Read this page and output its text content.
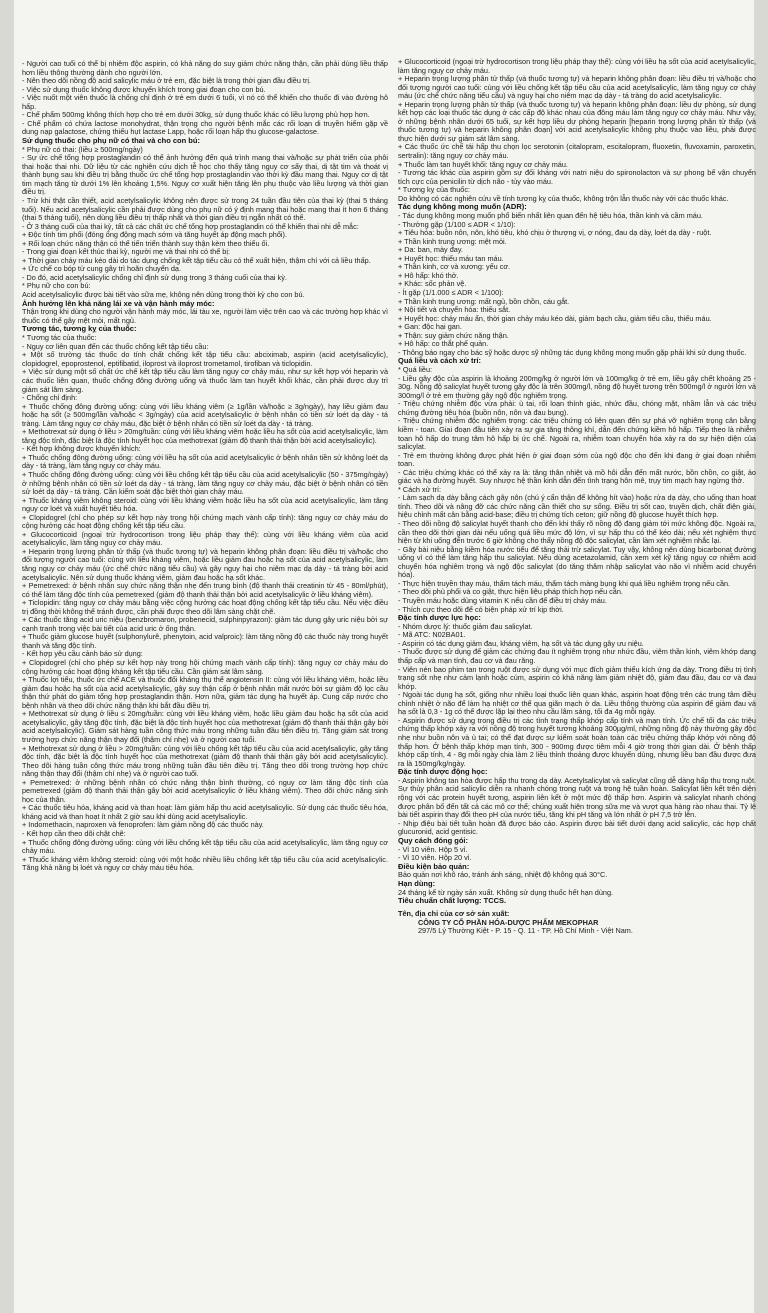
- Người cao tuổi có thể bị nhiễm độc aspirin, có khả năng do suy giảm chức năng thận, cần phải dùng liều thấp hơn liều thông thường dành cho người lớn.

- Nên theo dõi nồng độ acid salicylic máu ở trẻ em, đặc biệt là trong thời gian đầu điều trị.

- Việc sử dụng thuốc không được khuyến khích trong giai đoạn cho con bú.

- Việc nuốt một viên thuốc là chống chỉ định ở trẻ em dưới 6 tuổi, vì nó có thể khiến cho thuốc đi vào đường hô hấp.

- Chế phẩm 500mg không thích hợp cho trẻ em dưới 30kg, sử dụng thuốc khác có liều lượng phù hợp hơn.

- Chế phẩm có chứa lactose monohydrat, thận trọng cho người bệnh mắc các rối loạn di truyền hiếm gặp về dung nạp galactose, chứng thiếu hụt lactase Lapp, hoặc rối loạn hấp thu glucose-galactose.

Sử dụng thuốc cho phụ nữ có thai và cho con bú:

* Phụ nữ có thai: (liều ≥ 500mg/ngày)

- Sự ức chế tổng hợp prostaglandin có thể ảnh hưởng đến quá trình mang thai và/hoặc sự phát triển của phôi thai hoặc thai nhi. Dữ liệu từ các nghiên cứu dịch tễ học cho thấy tăng nguy cơ sẩy thai, dị tật tim và thoát vị thành bụng sau khi điều trị bằng thuốc ức chế tổng hợp prostaglandin vào thời kỳ đầu mang thai. Nguy cơ dị tật tim mạch tăng từ dưới 1% lên khoảng 1,5%. Nguy cơ xuất hiện tăng lên phụ thuộc vào liều lượng và thời gian điều trị.

- Trừ khi thật cần thiết, acid acetylsalicylic không nên được sử trong 24 tuần đầu tiên của thai kỳ (thai 5 tháng tuổi). Nếu acid acetylsalicylic cần phải được dùng cho phụ nữ có ý định mang thai hoặc mang thai ít hơn 6 tháng (thai 5 tháng tuổi), nên dùng liều điều trị thấp nhất và thời gian điều trị ngắn nhất có thể.

- Ở 3 tháng cuối của thai kỳ, tất cả các chất ức chế tổng hợp prostaglandin có thể khiến thai nhi dễ mắc:

+ Độc tính tim phổi (đóng ống động mạch sớm và tăng huyết áp động mạch phổi).

+ Rối loạn chức năng thận có thể tiến triển thành suy thận kèm theo thiểu ối.

- Trong giai đoạn kết thúc thai kỳ, người mẹ và thai nhi có thể bị:

+ Thời gian chảy máu kéo dài do tác dụng chống kết tập tiểu cầu có thể xuất hiện, thậm chí với cả liều thấp.

+ Ức chế co bóp tử cung gây trì hoãn chuyển dạ.

- Do đó, acid acetylsalicylic chống chỉ định sử dụng trong 3 tháng cuối của thai kỳ.

* Phụ nữ cho con bú:

Acid acetylsalicylic được bài tiết vào sữa mẹ, không nên dùng trong thời kỳ cho con bú.

Ảnh hưởng lên khả năng lái xe và vận hành máy móc:

Thận trọng khi dùng cho người vận hành máy móc, lái tàu xe, người làm việc trên cao và các trường hợp khác vì thuốc có thể gây mệt mỏi, mất ngủ.

Tương tác, tương kỵ của thuốc:

* Tương tác của thuốc:

- Nguy cơ liên quan đến các thuốc chống kết tập tiểu cầu:

+ Một số trường tác thuốc do tính chất chống kết tập tiểu cầu: abciximab, aspirin (acid acetylsalicylic), clopidogrel, epoprostenol, eptifibatid, iloprost và iloprost trometamol, tirofiban và ticlopidin.

+ Việc sử dụng một số chất ức chế kết tập tiểu cầu làm tăng nguy cơ chảy máu, như sự kết hợp với heparin và các thuốc liên quan, thuốc chống đông đường uống và thuốc làm tan huyết khối khác, cần phải được duy trì giám sát lâm sàng.

- Chống chỉ định:

+ Thuốc chống đông đường uống: cùng với liều kháng viêm (≥ 1g/lần và/hoặc ≥ 3g/ngày), hay liều giảm đau hoặc hạ sốt (≥ 500mg/lần và/hoặc < 3g/ngày) của acid acetylsalicylic ở bệnh nhân có tiền sử loét dạ dày - tá tràng. Làm tăng nguy cơ chảy máu, đặc biệt ở bệnh nhân có tiền sử loét dạ dày - tá tràng.

+ Methotrexat sử dụng ở liều > 20mg/tuần: cùng với liều kháng viêm hoặc liều hạ sốt của acid acetylsalicylic, làm tăng độc tính, đặc biệt là độc tính huyết học của methotrexat (giảm độ thanh thải thận bởi acid acetylsalicylic).

- Kết hợp không được khuyến khích:

+ Thuốc chống đông đường uống: cùng với liều hạ sốt của acid acetylsalicylic ở bệnh nhân tiền sử không loét dạ dày - tá tràng, làm tăng nguy cơ chảy máu.

+ Thuốc chống đông đường uống: cùng với liều chống kết tập tiểu cầu của acid acetylsalicylic (50 - 375mg/ngày) ở những bệnh nhân có tiền sử loét dạ dày - tá tràng, làm tăng nguy cơ chảy máu, đặc biệt ở bệnh nhân có tiền sử loét dạ dày - tá tràng. Cần kiểm soát đặc biệt thời gian chảy máu.

+ Thuốc kháng viêm không steroid: cùng với liều kháng viêm hoặc liều hạ sốt của acid acetylsalicylic, làm tăng nguy cơ loét và xuất huyết tiêu hóa.

+ Clopidogrel (chỉ cho phép sự kết hợp này trong hội chứng mạch vành cấp tính): tăng nguy cơ chảy máu do cộng hưởng các hoạt động chống kết tập tiểu cầu.

+ Glucocorticoid (ngoại trừ hydrocortison trong liệu pháp thay thế): cùng với liều kháng viêm của acid acetylsalicylic, làm tăng nguy cơ chảy máu.

+ Heparin trọng lượng phân tử thấp (và thuốc tương tự) và heparin không phân đoạn: liều điều trị và/hoặc cho đối tượng người cao tuổi: cùng với liều kháng viêm, hoặc liều giảm đau hoặc hạ sốt của acid acetylsalicylic, làm tăng nguy cơ chảy máu (ức chế chức năng tiểu cầu) và gây nguy hại cho niêm mạc dạ dày - tá tràng bởi acid acetylsalicylic. Nên sử dụng thuốc kháng viêm, giảm đau hoặc hạ sốt khác.

+ Pemetrexed: ở bệnh nhân suy chức năng thận nhẹ đến trung bình (độ thanh thải creatinin từ 45 - 80ml/phút), có thể làm tăng độc tính của pemetrexed (giảm độ thanh thải thận bởi acid acetylsalicylic ở liều kháng viêm).

+ Ticlopidin: tăng nguy cơ chảy máu bằng việc cộng hưởng các hoạt động chống kết tập tiểu cầu. Nếu việc điều trị đồng thời không thể tránh được, cần phải được theo dõi lâm sàng chặt chẽ.

+ Các thuốc tăng acid uric niệu (benzbromaron, probenecid, sulphinpyrazon): giảm tác dụng gây uric niệu bởi sự cạnh tranh trong việc bài tiết của acid uric ở ống thận.

+ Thuốc giảm glucose huyết (sulphonylurê, phenytoin, acid valproic): làm tăng nồng độ các thuốc này trong huyết thanh và tăng độc tính.

- Kết hợp yêu cầu cảnh báo sử dụng:

+ Clopidogrel (chỉ cho phép sự kết hợp này trong hội chứng mạch vành cấp tính): tăng nguy cơ chảy máu do cộng hưởng các hoạt động kháng kết tập tiểu cầu. Cần giám sát lâm sàng.

+ Thuốc lợi tiểu, thuốc ức chế ACE và thuốc đối kháng thụ thể angiotensin II: cùng với liều kháng viêm, hoặc liều giảm đau hoặc hạ sốt của acid acetylsalicylic, gây suy thận cấp ở bệnh nhân mất nước bởi sự giảm độ lọc cầu thận thứ phát do giảm tổng hợp prostaglandin thận. Hơn nữa, giảm tác dụng hạ huyết áp. Cung cấp nước cho bệnh nhân và theo dõi chức năng thận khi bắt đầu điều trị.

+ Methotrexat sử dụng ở liều ≤ 20mg/tuần: cùng với liều kháng viêm, hoặc liều giảm đau hoặc hạ sốt của acid acetylsalicylic, gây tăng độc tính, đặc biệt là độc tính huyết học của methotrexat (giảm độ thanh thải thận gây bởi acid acetylsalicylic). Giám sát hàng tuần công thức máu trong những tuần đầu tiên điều trị. Tăng giám sát trong trường hợp chức năng thận thay đổi (thậm chí nhẹ) và ở người cao tuổi.

+ Methotrexat sử dụng ở liều > 20mg/tuần: cùng với liều chống kết tập tiểu cầu của acid acetylsalicylic, gây tăng độc tính, đặc biệt là độc tính huyết học của methotrexat (giảm độ thanh thải thận gây bởi acid acetylsalicylic). Theo dõi hàng tuần công thức máu trong những tuần đầu tiên điều trị. Tăng theo dõi trong trường hợp chức năng thận thay đổi (thậm chí nhẹ) và ở người cao tuổi.

+ Pemetrexed: ở những bệnh nhân có chức năng thận bình thường, có nguy cơ làm tăng độc tính của pemetrexed (giảm độ thanh thải thận gây bởi acid acetylsalicylic ở liều kháng viêm). Theo dõi chức năng sinh học của thận.

+ Các thuốc tiêu hóa, kháng acid và than hoạt: làm giảm hấp thu acid acetylsalicylic. Sử dụng các thuốc tiêu hóa, kháng acid và than hoạt ít nhất 2 giờ sau khi dùng acid acetylsalicylic.

+ Indomethacin, naproxen và fenoprofen: làm giảm nồng độ các thuốc này.

- Kết hợp cần theo dõi chặt chẽ:

+ Thuốc chống đông đường uống: cùng với liều chống kết tập tiểu cầu của acid acetylsalicylic, làm tăng nguy cơ chảy máu.

+ Thuốc kháng viêm không steroid: cùng với một hoặc nhiều liều chống kết tập tiểu cầu của acid acetylsalicylic. Tăng khả năng bị loét và nguy cơ chảy máu tiêu hóa.

+ Glucocorticoid (ngoại trừ hydrocortison trong liệu pháp thay thế): cùng với liều hạ sốt của acid acetylsalicylic, làm tăng nguy cơ chảy máu.

+ Heparin trọng lượng phân tử thấp (và thuốc tương tự) và heparin không phân đoạn: liều điều trị và/hoặc cho đối tượng người cao tuổi: cùng với liều chống kết tập tiểu cầu của acid acetylsalicylic, làm tăng nguy cơ chảy máu (ức chế chức năng tiểu cầu) và nguy hại cho niêm mạc dạ dày - tá tràng do acid acetylsalicylic.

+ Heparin trọng lượng phân tử thấp (và thuốc tương tự) và heparin không phân đoạn: liều dự phòng, sử dụng kết hợp các loại thuốc tác dụng ở các cấp độ khác nhau của đông máu làm tăng nguy cơ chảy máu. Như vậy, ở những bệnh nhân dưới 65 tuổi, sự kết hợp liều dự phòng heparin [heparin trọng lượng phân tử thấp (và thuốc tương tự) và heparin không phân đoạn] với acid acetylsalicylic không phụ thuộc vào liều, phải được thực hiện dưới sự giám sát lâm sàng.

+ Các thuốc ức chế tái hấp thu chọn lọc serotonin (citalopram, escitalopram, fluoxetin, fluvoxamin, paroxetin, sertralin): tăng nguy cơ chảy máu.

+ Thuốc làm tan huyết khối: tăng nguy cơ chảy máu.

- Tương tác khác của aspirin gồm sự đối kháng với natri niệu do spironolacton và sự phong bế vận chuyển tích cực của penicilin từ dịch não - tủy vào máu.

* Tương kỵ của thuốc:

Do không có các nghiên cứu về tính tương kỵ của thuốc, không trộn lẫn thuốc này với các thuốc khác.

Tác dụng không mong muốn (ADR):

- Tác dụng không mong muốn phổ biến nhất liên quan đến hệ tiêu hóa, thần kinh và cầm máu.

- Thường gặp (1/100 ≤ ADR < 1/10):

+ Tiêu hóa: buồn nôn, nôn, khó tiêu, khó chịu ở thượng vị, ợ nóng, đau dạ dày, loét dạ dày - ruột.

+ Thần kinh trung ương: mệt mỏi.

+ Da: ban, mày đay.

+ Huyết học: thiếu máu tan máu.

+ Thần kinh, cơ và xương: yếu cơ.

+ Hô hấp: khó thở.

+ Khác: sốc phản vệ.

- Ít gặp (1/1.000 ≤ ADR < 1/100):

+ Thần kinh trung ương: mất ngủ, bồn chồn, cáu gắt.

+ Nội tiết và chuyển hóa: thiếu sắt.

+ Huyết học: chảy máu ẩn, thời gian chảy máu kéo dài, giảm bạch cầu, giảm tiểu cầu, thiếu máu.

+ Gan: độc hại gan.

+ Thận: suy giảm chức năng thận.

+ Hô hấp: co thắt phế quản.

- Thông báo ngay cho bác sỹ hoặc dược sỹ những tác dụng không mong muốn gặp phải khi sử dụng thuốc.

Quá liều và cách xử trí:

* Quá liều:

- Liều gây độc của aspirin là khoảng 200mg/kg ở người lớn và 100mg/kg ở trẻ em, liều gây chết khoảng 25 - 30g. Nồng độ salicylat huyết tương gây độc là trên 300mg/l, nồng độ huyết tương trên 500mg/l ở người lớn và 300mg/l ở trẻ em thường gây ngộ độc nghiêm trọng.

- Triệu chứng nhiễm độc vừa phải: ù tai, rối loạn thính giác, nhức đầu, chóng mặt, nhầm lẫn và các triệu chứng đường tiêu hóa (buồn nôn, nôn và đau bụng).

- Triệu chứng nhiễm độc nghiêm trọng: các triệu chứng có liên quan đến sự phá vỡ nghiêm trọng cân bằng kiềm - toan. Giai đoạn đầu tiên xảy ra sự gia tăng thông khí, dẫn đến chứng kiềm hô hấp. Tiếp theo là nhiễm toan hô hấp do trung tâm hô hấp bị ức chế. Ngoài ra, nhiễm toan chuyển hóa xảy ra do sự hiện diện của salicylat.

- Trẻ em thường không được phát hiện ở giai đoạn sớm của ngộ độc cho đến khi đang ở giai đoạn nhiễm toan.

- Các triệu chứng khác có thể xảy ra là: tăng thân nhiệt và mồ hôi dẫn đến mất nước, bồn chồn, co giật, ảo giác và hạ đường huyết. Suy nhược hệ thần kinh dẫn đến tình trạng hôn mê, trụy tim mạch hay ngừng thở.

* Cách xử trí:

- Làm sạch dạ dày bằng cách gây nôn (chú ý cẩn thận để không hít vào) hoặc rửa dạ dày, cho uống than hoạt tính. Theo dõi và nâng đỡ các chức năng cần thiết cho sự sống. Điều trị sốt cao, truyền dịch, chất điện giải, hiệu chỉnh mất cân bằng acid-base; điều trị chứng tích ceton; giữ nồng độ glucose huyết thích hợp.

- Theo dõi nồng độ salicylat huyết thanh cho đến khi thấy rõ nồng độ đang giảm tới mức không độc. Ngoài ra, cần theo dõi thời gian dài nếu uống quá liều mức độ lớn, vì sự hấp thu có thể kéo dài; nếu xét nghiệm thực hiện từ khi uống đến trước 6 giờ không cho thấy nồng độ độc salicylat, cần làm xét nghiệm nhắc lại.

- Gây bài niệu bằng kiềm hóa nước tiểu để tăng thải trừ salicylat. Tuy vậy, không nên dùng bicarbonat đường uống vì có thể làm tăng hấp thu salicylat. Nếu dùng acetazolamid, cần xem xét kỹ tăng nguy cơ nhiễm acid chuyển hóa nghiêm trọng và ngộ độc salicylat (do tăng thâm nhập salicylat vào não vì nhiễm acid chuyển hóa).

- Thực hiện truyền thay máu, thẩm tách máu, thẩm tách màng bụng khi quá liều nghiêm trọng nếu cần.

- Theo dõi phù phổi và co giật, thực hiện liệu pháp thích hợp nếu cần.

- Truyền máu hoặc dùng vitamin K nếu cần để điều trị chảy máu.

- Thích cực theo dõi để có biện pháp xử trí kịp thời.

Đặc tính dược lực học:

- Nhóm dược lý: thuốc giảm đau salicylat.

- Mã ATC: N02BA01.

- Aspirin có tác dụng giảm đau, kháng viêm, hạ sốt và tác dụng gây ưu niệu.

- Thuốc được sử dụng để giảm các chứng đau ít nghiêm trọng như nhức đầu, viêm thần kinh, viêm khớp dạng thấp cấp và mạn tính, đau cơ và đau răng.

- Viên nén bao phim tan trong ruột được sử dụng với mục đích giảm thiểu kích ứng dạ dày. Trong điều trị tình trạng sốt nhẹ như cảm lạnh hoặc cúm, aspirin có khả năng làm giảm nhiệt độ, giảm đau đầu, đau cơ và đau khớp.

- Ngoài tác dụng hạ sốt, giống như nhiều loại thuốc liên quan khác, aspirin hoạt động trên các trung tâm điều chỉnh nhiệt ở não để làm hạ nhiệt cơ thể qua giãn mạch ở da. Liều thông thường của aspirin để giảm đau và hạ sốt là 0,3 - 1g có thể được lặp lại theo nhu cầu lâm sàng, tối đa 4g mỗi ngày.

- Aspirin được sử dụng trong điều trị các tình trạng thấp khớp cấp tính và mạn tính. Ức chế tối đa các triệu chứng thấp khớp xảy ra với nồng độ trong huyết tương khoảng 300µg/ml, những nồng độ này thường gây độc nhẹ như buồn nôn và ù tai; có thể đạt được sự kiểm soát hoàn toàn các triệu chứng thấp khớp với nồng độ thấp hơn. Ở bệnh thấp khớp mạn tính, 300 - 900mg được tiêm mỗi 4 giờ trong thời gian dài. Ở bệnh thấp khớp cấp tính, 4 - 8g mỗi ngày chia làm 2 liều thỉnh thoảng được khuyến dùng, nhưng liều ban đầu được đưa ra là 150mg/kg/ngày.

Đặc tính dược động học:

- Aspirin không tan hòa được hấp thu trong dạ dày. Acetylsalicylat và salicylat cũng dễ dàng hấp thu trong ruột. Sự thủy phân acid salicylic diễn ra nhanh chóng trong ruột và trong hệ tuần hoàn. Salicylat liên kết trên diện rộng với các protein huyết tương, aspirin liên kết ở một mức độ thấp hơn. Aspirin và salicylat nhanh chóng được phân bố đến tất cả các mô cơ thể; chúng xuất hiện trong sữa mẹ và vượt qua hàng rào nhau thai. Tỷ lệ bài tiết aspirin thay đổi theo pH của nước tiểu, tăng khi pH tăng và lớn nhất ở pH 7,5 trở lên.

- Nhịp điệu bài tiết tuần hoàn đã được báo cáo. Aspirin được bài tiết dưới dạng acid salicylic, các hợp chất glucuronid, acid gentisic.

Quy cách đóng gói:

- Vỉ 10 viên. Hộp 5 vỉ.

- Vỉ 10 viên. Hộp 20 vỉ.

Điều kiện bảo quản:

Bảo quản nơi khô ráo, tránh ánh sáng, nhiệt độ không quá 30°C.

Hạn dùng:

24 tháng kể từ ngày sản xuất. Không sử dụng thuốc hết hạn dùng.

Tiêu chuẩn chất lượng: TCCS.

Tên, địa chỉ của cơ sở sản xuất:

CÔNG TY CỔ PHẦN HÓA-DƯỢC PHẨM MEKOPHAR

297/5 Lý Thường Kiệt - P. 15 - Q. 11 - TP. Hồ Chí Minh - Việt Nam.
